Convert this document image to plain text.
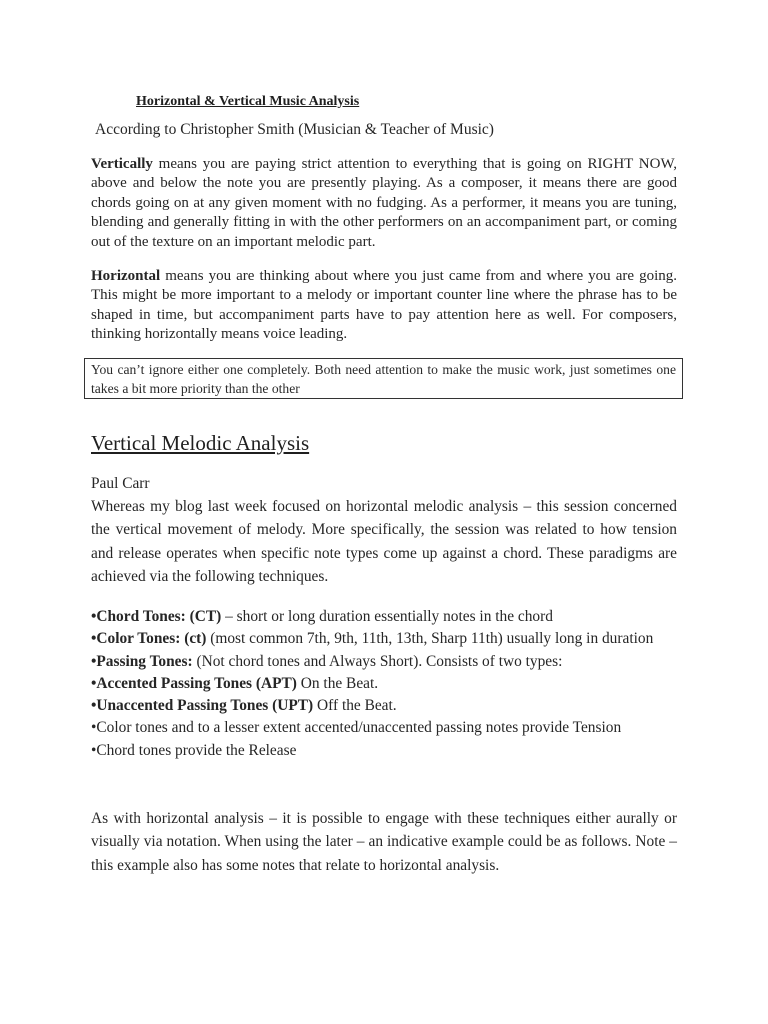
Horizontal & Vertical Music Analysis
According to Christopher Smith (Musician & Teacher of Music)

Vertically means you are paying strict attention to everything that is going on RIGHT NOW, above and below the note you are presently playing. As a composer, it means there are good chords going on at any given moment with no fudging. As a performer, it means you are tuning, blending and generally fitting in with the other performers on an accompaniment part, or coming out of the texture on an important melodic part.

Horizontal means you are thinking about where you just came from and where you are going. This might be more important to a melody or important counter line where the phrase has to be shaped in time, but accompaniment parts have to pay attention here as well. For composers, thinking horizontally means voice leading.

You can’t ignore either one completely. Both need attention to make the music work, just sometimes one takes a bit more priority than the other
Vertical Melodic Analysis

Paul Carr

Whereas my blog last week focused on horizontal melodic analysis – this session concerned the vertical movement of melody. More specifically, the session was related to how tension and release operates when specific note types come up against a chord. These paradigms are achieved via the following techniques.

•Chord Tones: (CT) – short or long duration essentially notes in the chord
•Color Tones: (ct) (most common 7th, 9th, 11th, 13th, Sharp 11th) usually long in duration
•Passing Tones: (Not chord tones and Always Short). Consists of two types:
•Accented Passing Tones (APT) On the Beat.
•Unaccented Passing Tones (UPT) Off the Beat.
•Color tones and to a lesser extent accented/unaccented passing notes provide Tension
•Chord tones provide the Release

As with horizontal analysis – it is possible to engage with these techniques either aurally or visually via notation. When using the later – an indicative example could be as follows. Note – this example also has some notes that relate to horizontal analysis.
